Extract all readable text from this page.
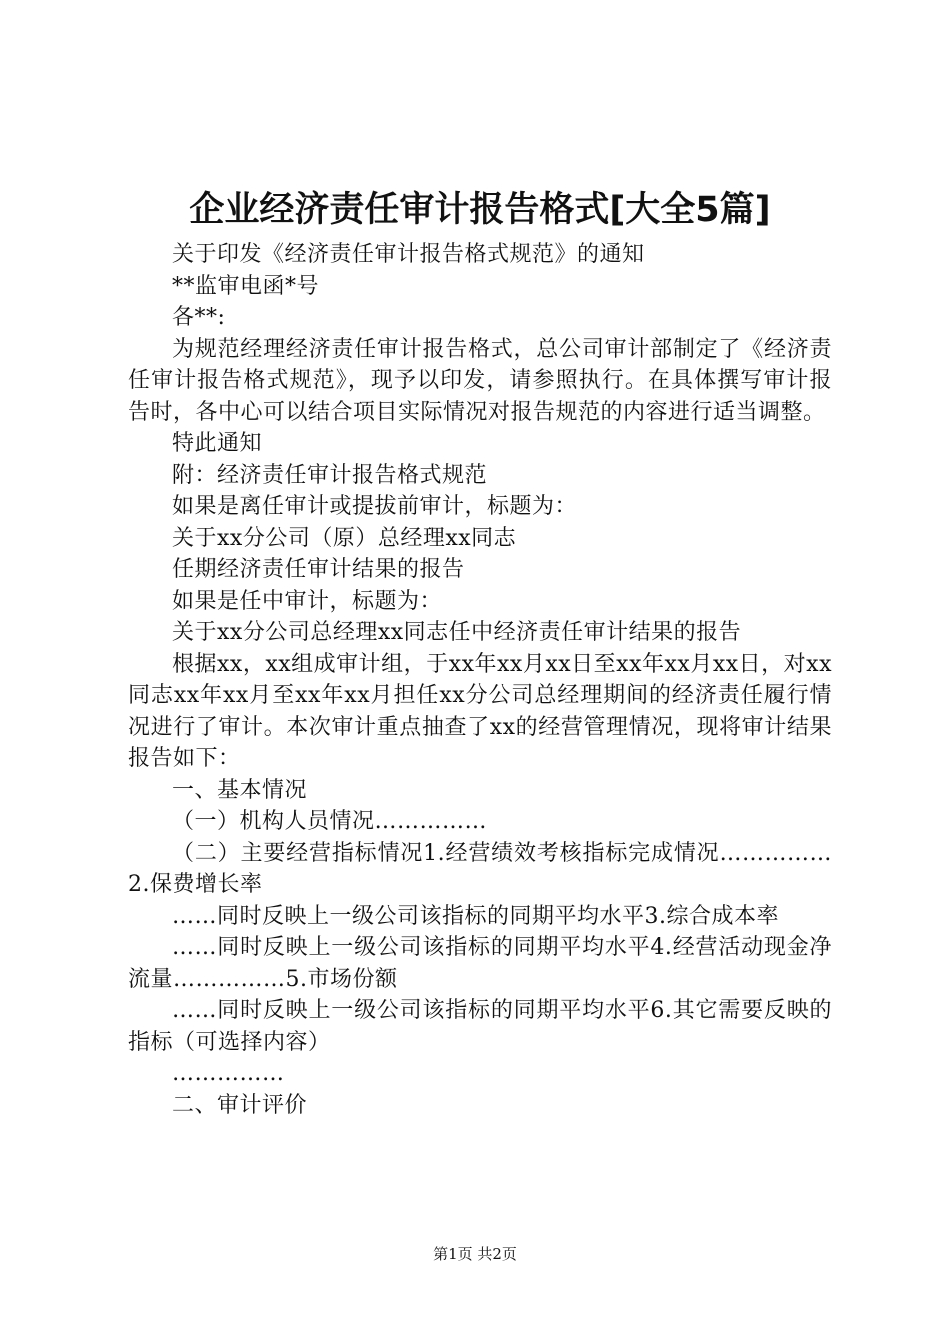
企业经济责任审计报告格式[大全5篇]

关于印发《经济责任审计报告格式规范》的通知

**监审电函*号

各**:

为规范经理经济责任审计报告格式，总公司审计部制定了《经济责任审计报告格式规范》，现予以印发，请参照执行。在具体撰写审计报告时，各中心可以结合项目实际情况对报告规范的内容进行适当调整。

特此通知

附：经济责任审计报告格式规范

如果是离任审计或提拔前审计，标题为：

关于xx分公司（原）总经理xx同志

任期经济责任审计结果的报告

如果是任中审计，标题为：

关于xx分公司总经理xx同志任中经济责任审计结果的报告

根据xx，xx组成审计组，于xx年xx月xx日至xx年xx月xx日，对xx同志xx年xx月至xx年xx月担任xx分公司总经理期间的经济责任履行情况进行了审计。本次审计重点抽查了xx的经营管理情况，现将审计结果报告如下：

一、基本情况

（一）机构人员情况……………

（二）主要经营指标情况1.经营绩效考核指标完成情况……………2.保费增长率

……同时反映上一级公司该指标的同期平均水平3.综合成本率

……同时反映上一级公司该指标的同期平均水平4.经营活动现金净流量……………5.市场份额

……同时反映上一级公司该指标的同期平均水平6.其它需要反映的指标（可选择内容）

……………

二、审计评价

第1页 共2页
